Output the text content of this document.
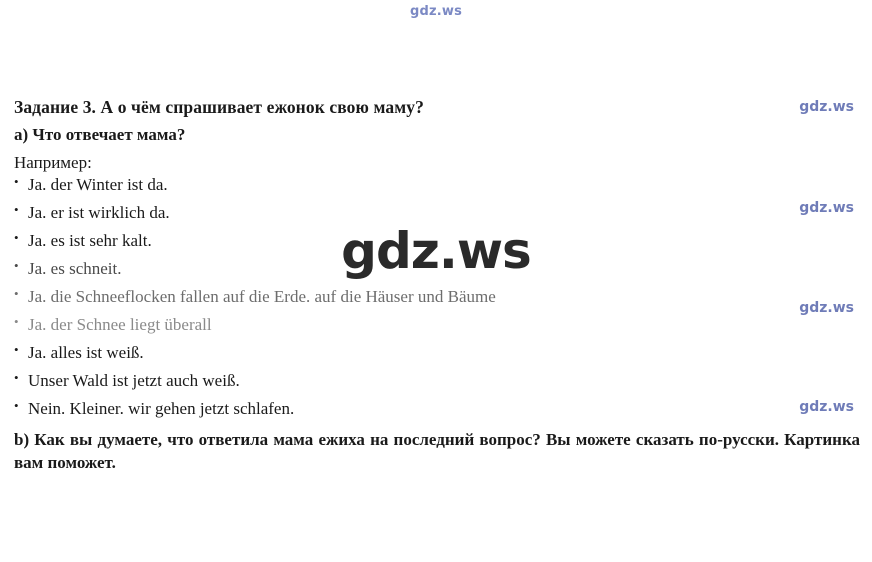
gdz.ws
gdz.ws
gdz.ws
gdz.ws
gdz.ws
gdz.ws

Задание 3. А о чём спрашивает ежонок свою маму?

a) Что отвечает мама?

Например:

• Ja. der Winter ist da.
• Ja. er ist wirklich da.
• Ja. es ist sehr kalt.
• Ja. es schneit.
• Ja. die Schneeflocken fallen auf die Erde. auf die Häuser und Bäume
• Ja. der Schnee liegt überall
• Ja. alles ist weiß.
• Unser Wald ist jetzt auch weiß.
• Nein. Kleiner. wir gehen jetzt schlafen.

b) Как вы думаете, что ответила мама ежиха на последний вопрос? Вы можете сказать по-русски. Картинка вам поможет.
